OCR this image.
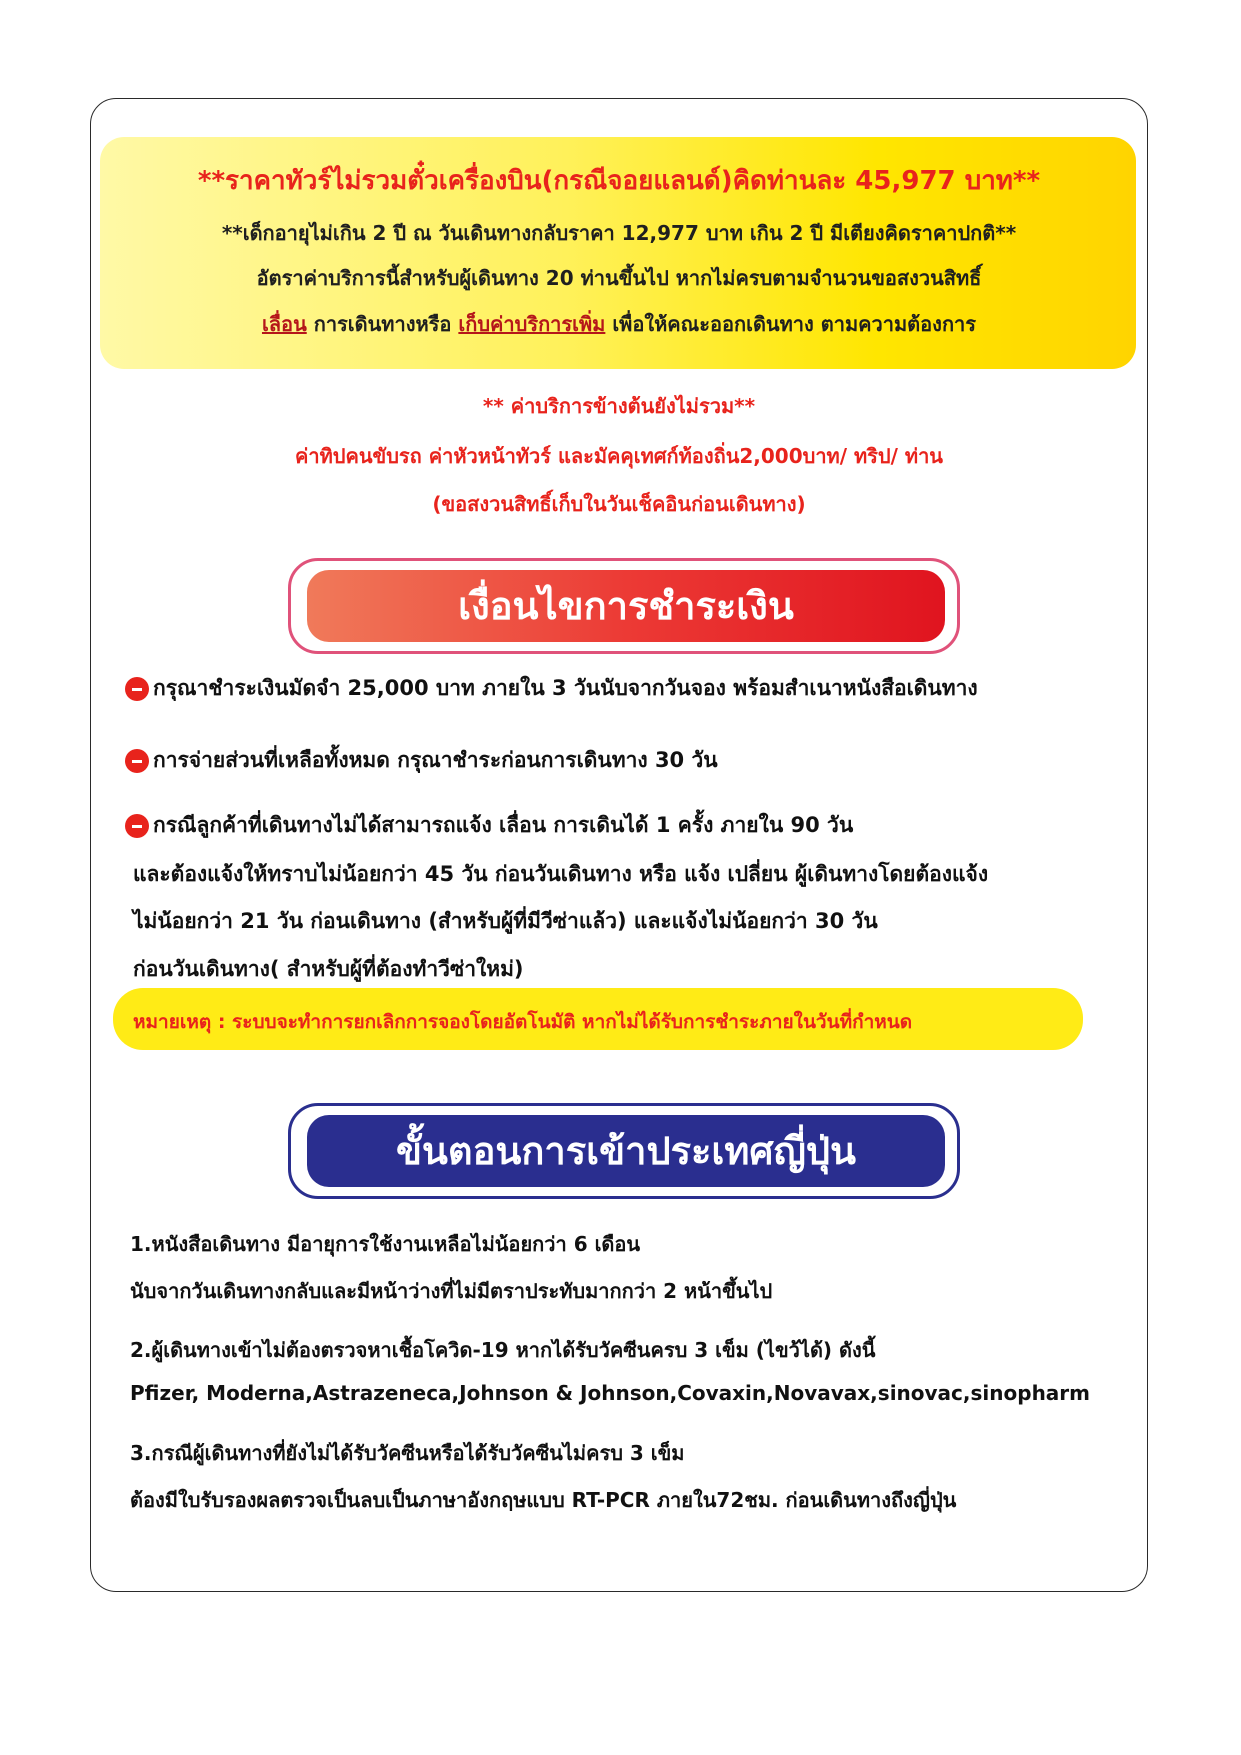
**ราคาทัวร์ไม่รวมตั๋วเครื่องบิน(กรณีจอยแลนด์)คิดท่านละ 45,977 บาท**
**เด็กอายุไม่เกิน 2 ปี ณ วันเดินทางกลับราคา 12,977 บาท เกิน 2 ปี มีเตียงคิดราคาปกติ**
อัตราค่าบริการนี้สำหรับผู้เดินทาง 20 ท่านขึ้นไป หากไม่ครบตามจำนวนขอสงวนสิทธิ์
เลื่อน การเดินทางหรือ เก็บค่าบริการเพิ่ม เพื่อให้คณะออกเดินทาง ตามความต้องการ
** ค่าบริการข้างต้นยังไม่รวม**
ค่าทิปคนขับรถ ค่าหัวหน้าทัวร์ และมัคคุเทศก์ท้องถิ่น2,000บาท/ ทริป/ ท่าน
(ขอสงวนสิทธิ์เก็บในวันเช็คอินก่อนเดินทาง)
เงื่อนไขการชำระเงิน
กรุณาชำระเงินมัดจำ 25,000 บาท ภายใน 3 วันนับจากวันจอง พร้อมสำเนาหนังสือเดินทาง
การจ่ายส่วนที่เหลือทั้งหมด กรุณาชำระก่อนการเดินทาง 30 วัน
กรณีลูกค้าที่เดินทางไม่ได้สามารถแจ้ง เลื่อน การเดินได้ 1 ครั้ง ภายใน 90 วัน
และต้องแจ้งให้ทราบไม่น้อยกว่า 45 วัน ก่อนวันเดินทาง หรือ แจ้ง เปลี่ยน ผู้เดินทางโดยต้องแจ้ง
ไม่น้อยกว่า 21 วัน ก่อนเดินทาง (สำหรับผู้ที่มีวีซ่าแล้ว) และแจ้งไม่น้อยกว่า 30 วัน
ก่อนวันเดินทาง( สำหรับผู้ที่ต้องทำวีซ่าใหม่)
หมายเหตุ : ระบบจะทำการยกเลิกการจองโดยอัตโนมัติ หากไม่ได้รับการชำระภายในวันที่กำหนด
ขั้นตอนการเข้าประเทศญี่ปุ่น
1.หนังสือเดินทาง มีอายุการใช้งานเหลือไม่น้อยกว่า 6 เดือน
นับจากวันเดินทางกลับและมีหน้าว่างที่ไม่มีตราประทับมากกว่า 2 หน้าขึ้นไป
2.ผู้เดินทางเข้าไม่ต้องตรวจหาเชื้อโควิด-19 หากได้รับวัคซีนครบ 3 เข็ม (ไขว้ได้) ดังนี้
Pfizer, Moderna,Astrazeneca,Johnson & Johnson,Covaxin,Novavax,sinovac,sinopharm
3.กรณีผู้เดินทางที่ยังไม่ได้รับวัคซีนหรือได้รับวัคซีนไม่ครบ 3 เข็ม
ต้องมีใบรับรองผลตรวจเป็นลบเป็นภาษาอังกฤษแบบ RT-PCR ภายใน72ชม. ก่อนเดินทางถึงญี่ปุ่น
